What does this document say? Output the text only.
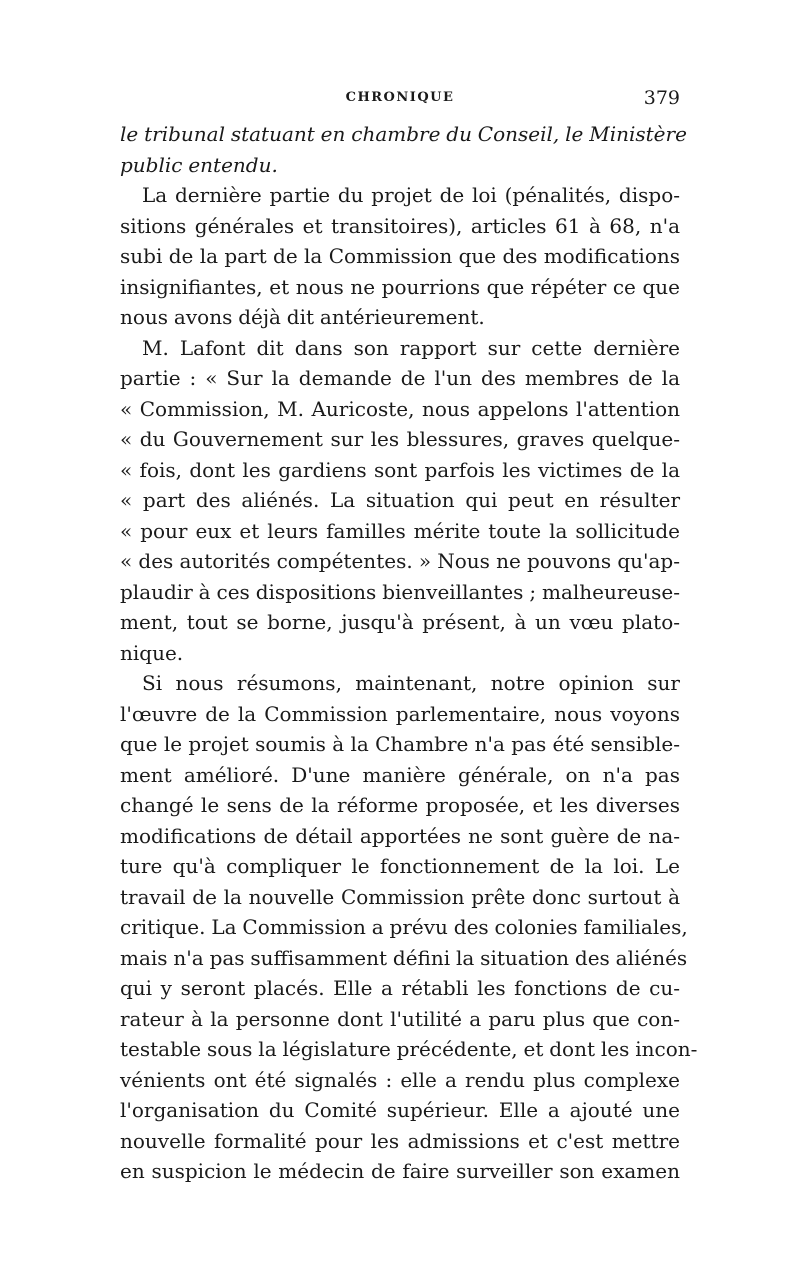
CHRONIQUE	379
le tribunal statuant en chambre du Conseil, le Ministère
public entendu.
La dernière partie du projet de loi (pénalités, dispo-
sitions générales et transitoires), articles 61 à 68, n'a
subi de la part de la Commission que des modifications
insignifiantes, et nous ne pourrions que répéter ce que
nous avons déjà dit antérieurement.
M. Lafont dit dans son rapport sur cette dernière
partie : « Sur la demande de l'un des membres de la
« Commission, M. Auricoste, nous appelons l'attention
« du Gouvernement sur les blessures, graves quelque-
« fois, dont les gardiens sont parfois les victimes de la
« part des aliénés. La situation qui peut en résulter
« pour eux et leurs familles mérite toute la sollicitude
« des autorités compétentes. » Nous ne pouvons qu'ap-
plaudir à ces dispositions bienveillantes ; malheureuse-
ment, tout se borne, jusqu'à présent, à un vœu plato-
nique.
Si nous résumons, maintenant, notre opinion sur
l'œuvre de la Commission parlementaire, nous voyons
que le projet soumis à la Chambre n'a pas été sensible-
ment amélioré. D'une manière générale, on n'a pas
changé le sens de la réforme proposée, et les diverses
modifications de détail apportées ne sont guère de na-
ture qu'à compliquer le fonctionnement de la loi. Le
travail de la nouvelle Commission prête donc surtout à
critique. La Commission a prévu des colonies familiales,
mais n'a pas suffisamment défini la situation des aliénés
qui y seront placés. Elle a rétabli les fonctions de cu-
rateur à la personne dont l'utilité a paru plus que con-
testable sous la législature précédente, et dont les incon-
vénients ont été signalés : elle a rendu plus complexe
l'organisation du Comité supérieur. Elle a ajouté une
nouvelle formalité pour les admissions et c'est mettre
en suspicion le médecin de faire surveiller son examen
